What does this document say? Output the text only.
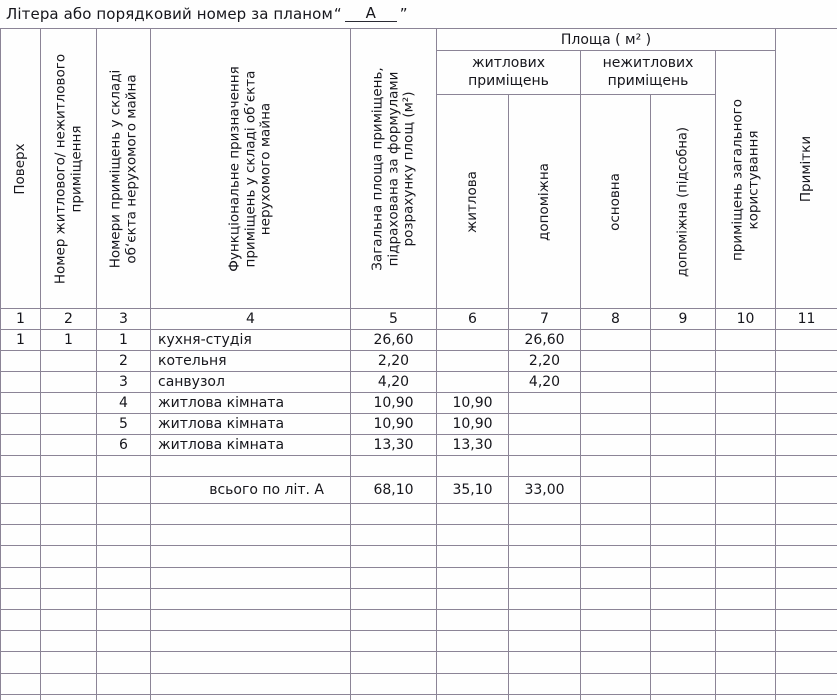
Літера або порядковий номер за планом “	А	”
Поверх	Номер житлового/ нежитлового приміщення	Номери приміщень у складі об‘єкта нерухомого майна	Функціональне призначення приміщень у складі об‘єкта нерухомого майна	Загальна площа приміщень, підрахована за формулами розрахунку площ (м²)	Площа ( м² )					Примітки

					житлових приміщень		нежитлових приміщень		приміщень загального користування	

					житлова	допоміжна	основна	допоміжна (підсобна)		

1	2	3	4	5	6	7	8	9	10	11
1	1	1	кухня-студія	26,60		26,60				
		2	котельня	2,20		2,20				
		3	санвузол	4,20		4,20				
		4	житлова кімната	10,90	10,90					
		5	житлова кімната	10,90	10,90					
		6	житлова кімната	13,30	13,30					

			всього по літ. А	68,10	35,10	33,00				
